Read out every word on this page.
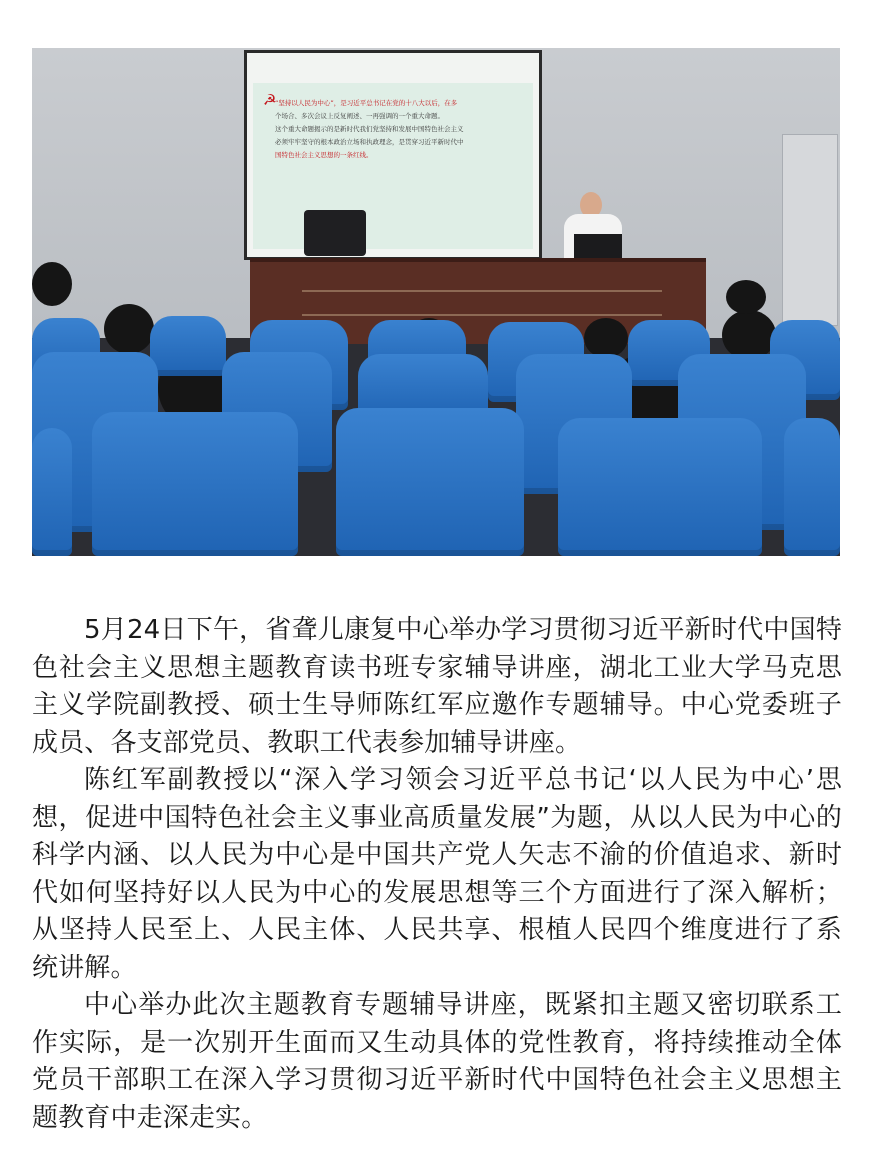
☭
“坚持以人民为中心”，是习近平总书记在党的十八大以后，在多
个场合、多次会议上反复阐述、一再强调的一个重大命题。
这个重大命题揭示的是新时代我们党坚持和发展中国特色社会主义
必须牢牢坚守的根本政治立场和执政理念，是贯穿习近平新时代中
国特色社会主义思想的一条红线。

5月24日下午，省聋儿康复中心举办学习贯彻习近平新时代中国特色社会主义思想主题教育读书班专家辅导讲座，湖北工业大学马克思主义学院副教授、硕士生导师陈红军应邀作专题辅导。中心党委班子成员、各支部党员、教职工代表参加辅导讲座。

陈红军副教授以“深入学习领会习近平总书记‘以人民为中心’思想，促进中国特色社会主义事业高质量发展”为题，从以人民为中心的科学内涵、以人民为中心是中国共产党人矢志不渝的价值追求、新时代如何坚持好以人民为中心的发展思想等三个方面进行了深入解析；从坚持人民至上、人民主体、人民共享、根植人民四个维度进行了系统讲解。

中心举办此次主题教育专题辅导讲座，既紧扣主题又密切联系工作实际，是一次别开生面而又生动具体的党性教育，将持续推动全体党员干部职工在深入学习贯彻习近平新时代中国特色社会主义思想主题教育中走深走实。
